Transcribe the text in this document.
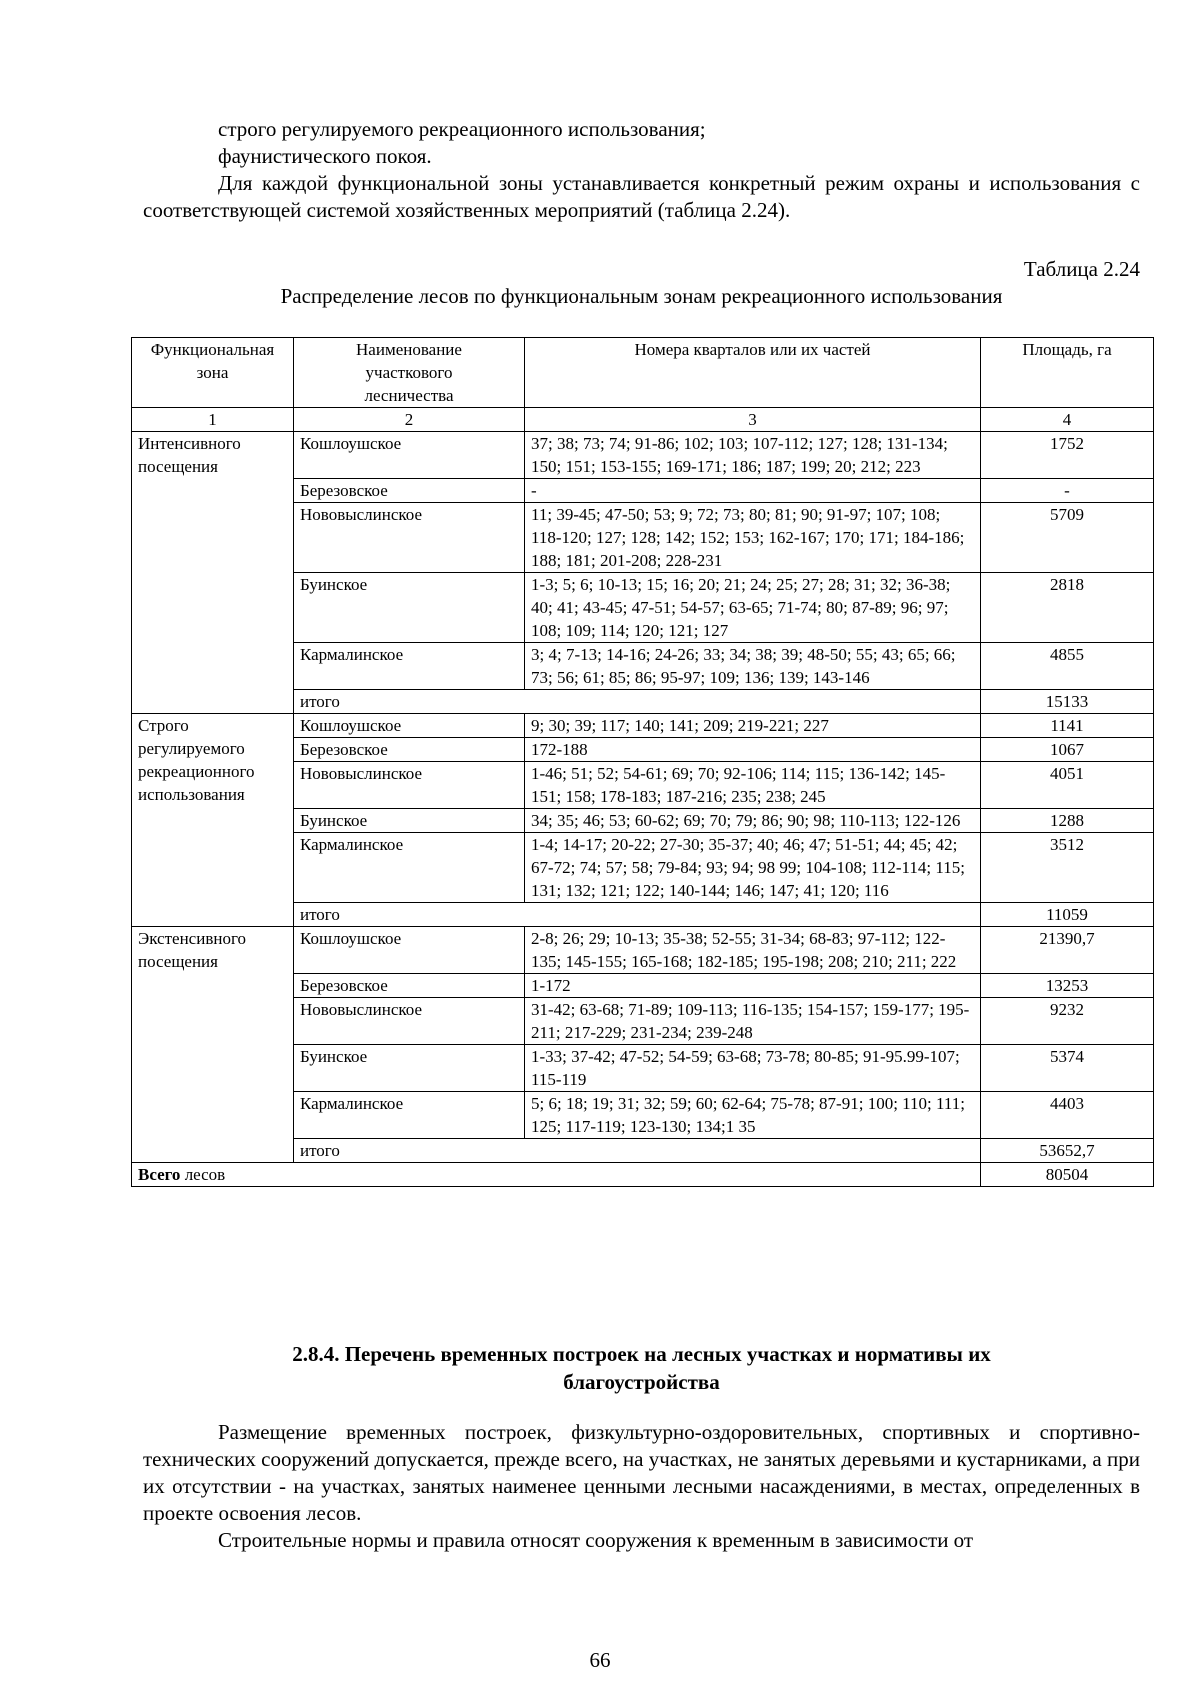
строго регулируемого рекреационного использования;

фаунистического покоя.

Для каждой функциональной зоны устанавливается конкретный режим охраны и использования с соответствующей системой хозяйственных мероприятий (таблица 2.24).

Таблица 2.24
Распределение лесов по функциональным зонам рекреационного использования
Функциональная зона	Наименование участкового лесничества	Номера кварталов или их частей	Площадь, га
1	2	3	4
Интенсивного посещения	Кошлоушское	37; 38; 73; 74; 91-86; 102; 103; 107-112; 127; 128; 131-134; 150; 151; 153-155; 169-171; 186; 187; 199; 20; 212; 223	1752
	Березовское	-	-
	Нововыслинское	11; 39-45; 47-50; 53; 9; 72; 73; 80; 81; 90; 91-97; 107; 108; 118-120; 127; 128; 142; 152; 153; 162-167; 170; 171; 184-186; 188; 181; 201-208; 228-231	5709
	Буинское	1-3; 5; 6; 10-13; 15; 16; 20; 21; 24; 25; 27; 28; 31; 32; 36-38; 40; 41; 43-45; 47-51; 54-57; 63-65; 71-74; 80; 87-89; 96; 97; 108; 109; 114; 120; 121; 127	2818
	Кармалинское	3; 4; 7-13; 14-16; 24-26; 33; 34; 38; 39; 48-50; 55; 43; 65; 66; 73; 56; 61; 85; 86; 95-97; 109; 136; 139; 143-146	4855
	итого		15133
Строго регулируемого рекреационного использования	Кошлоушское	9; 30; 39; 117; 140; 141; 209; 219-221; 227	1141
	Березовское	172-188	1067
	Нововыслинское	1-46; 51; 52; 54-61; 69; 70; 92-106; 114; 115; 136-142; 145-151; 158; 178-183; 187-216; 235; 238; 245	4051
	Буинское	34; 35; 46; 53; 60-62; 69; 70; 79; 86; 90; 98; 110-113; 122-126	1288
	Кармалинское	1-4; 14-17; 20-22; 27-30; 35-37; 40; 46; 47; 51-51; 44; 45; 42; 67-72; 74; 57; 58; 79-84; 93; 94; 98 99; 104-108; 112-114; 115; 131; 132; 121; 122; 140-144; 146; 147; 41; 120; 116	3512
	итого		11059
Экстенсивного посещения	Кошлоушское	2-8; 26; 29; 10-13; 35-38; 52-55; 31-34; 68-83; 97-112; 122-135; 145-155; 165-168; 182-185; 195-198; 208; 210; 211; 222	21390,7
	Березовское	1-172	13253
	Нововыслинское	31-42; 63-68; 71-89; 109-113; 116-135; 154-157; 159-177; 195-211; 217-229; 231-234; 239-248	9232
	Буинское	1-33; 37-42; 47-52; 54-59; 63-68; 73-78; 80-85; 91-95.99-107; 115-119	5374
	Кармалинское	5; 6; 18; 19; 31; 32; 59; 60; 62-64; 75-78; 87-91; 100; 110; 111; 125; 117-119; 123-130; 134;1 35	4403
	итого		53652,7
Всего лесов			80504

2.8.4. Перечень временных построек на лесных участках и нормативы их
благоустройства

Размещение временных построек, физкультурно-оздоровительных, спортивных и спортивно-технических сооружений допускается, прежде всего, на участках, не занятых деревьями и кустарниками, а при их отсутствии - на участках, занятых наименее ценными лесными насаждениями, в местах, определенных в проекте освоения лесов.

Строительные нормы и правила относят сооружения к временным в зависимости от

66
